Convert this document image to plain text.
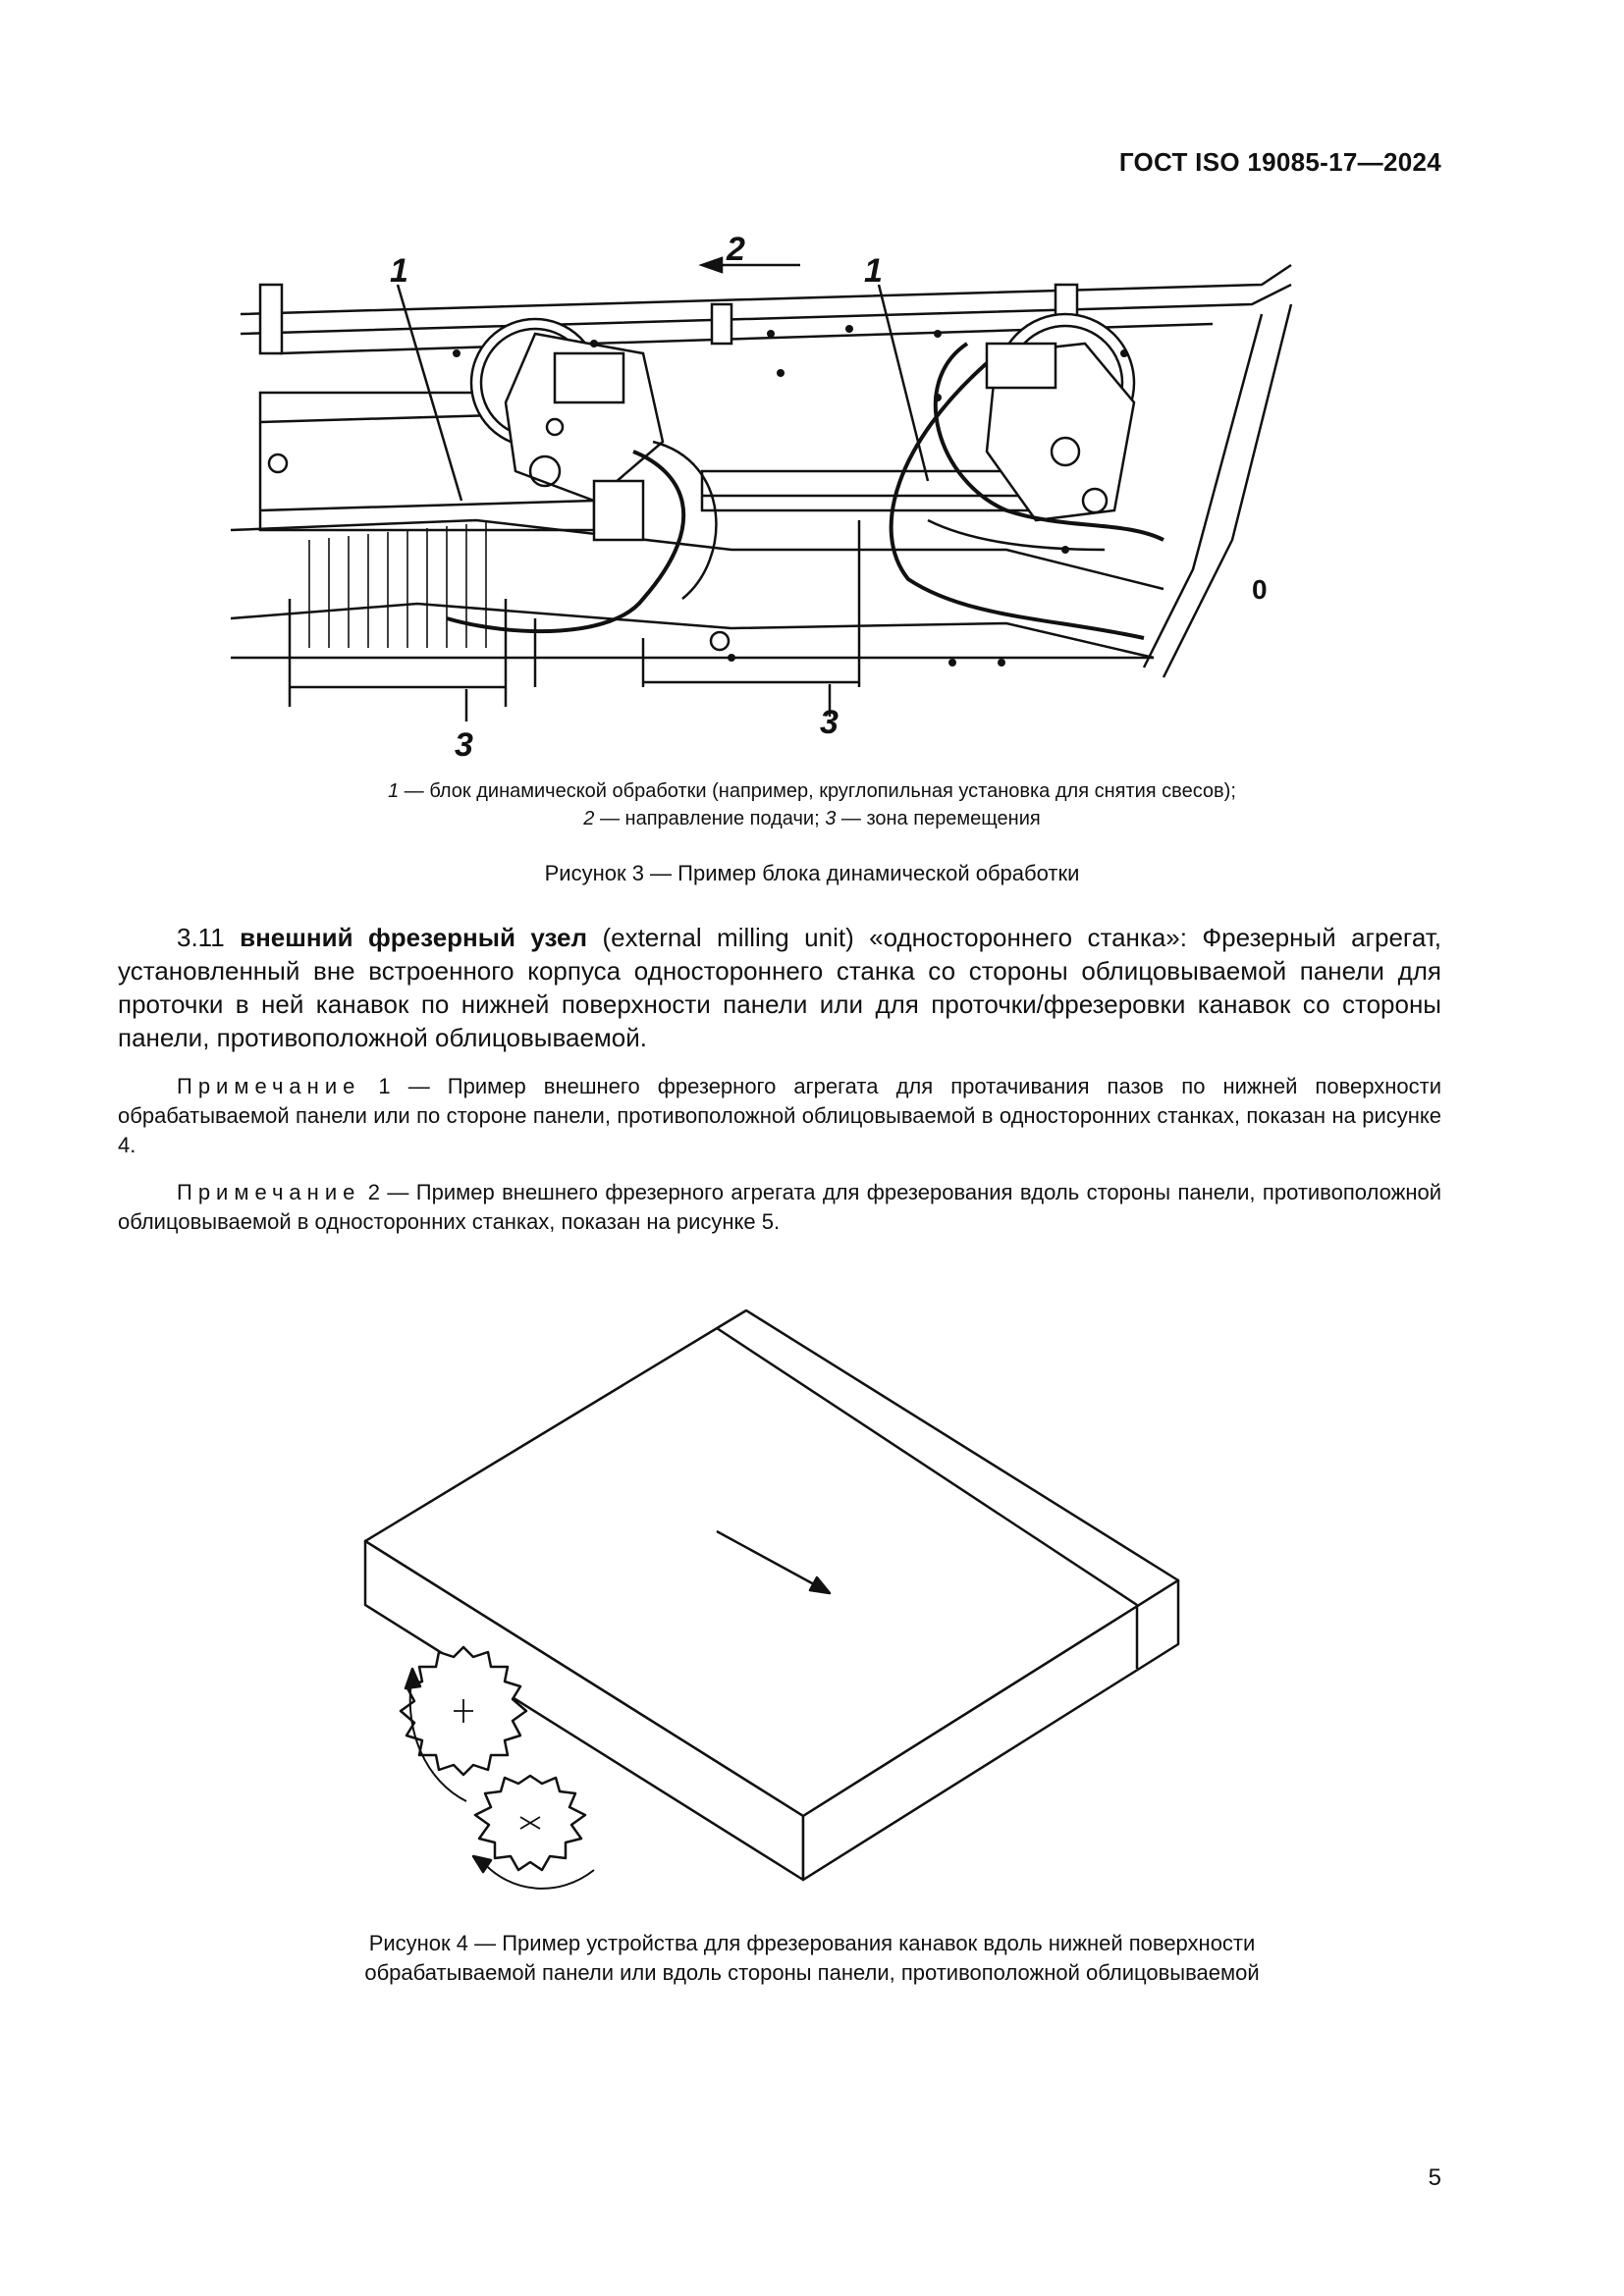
ГОСТ ISO 19085-17—2024
1
2
1
3
3
0
1 — блок динамической обработки (например, круглопильная установка для снятия свесов);
2 — направление подачи; 3 — зона перемещения
Рисунок 3 — Пример блока динамической обработки
3.11 внешний фрезерный узел (external milling unit) «одностороннего станка»: Фрезерный агрегат, установленный вне встроенного корпуса одностороннего станка со стороны облицовываемой панели для проточки в ней канавок по нижней поверхности панели или для проточки/фрезеровки канавок со стороны панели, противоположной облицовываемой.
Примечание 1 — Пример внешнего фрезерного агрегата для протачивания пазов по нижней поверхности обрабатываемой панели или по стороне панели, противоположной облицовываемой в односторонних станках, показан на рисунке 4.
Примечание 2 — Пример внешнего фрезерного агрегата для фрезерования вдоль стороны панели, противоположной облицовываемой в односторонних станках, показан на рисунке 5.
Рисунок 4 — Пример устройства для фрезерования канавок вдоль нижней поверхности
обрабатываемой панели или вдоль стороны панели, противоположной облицовываемой
5
